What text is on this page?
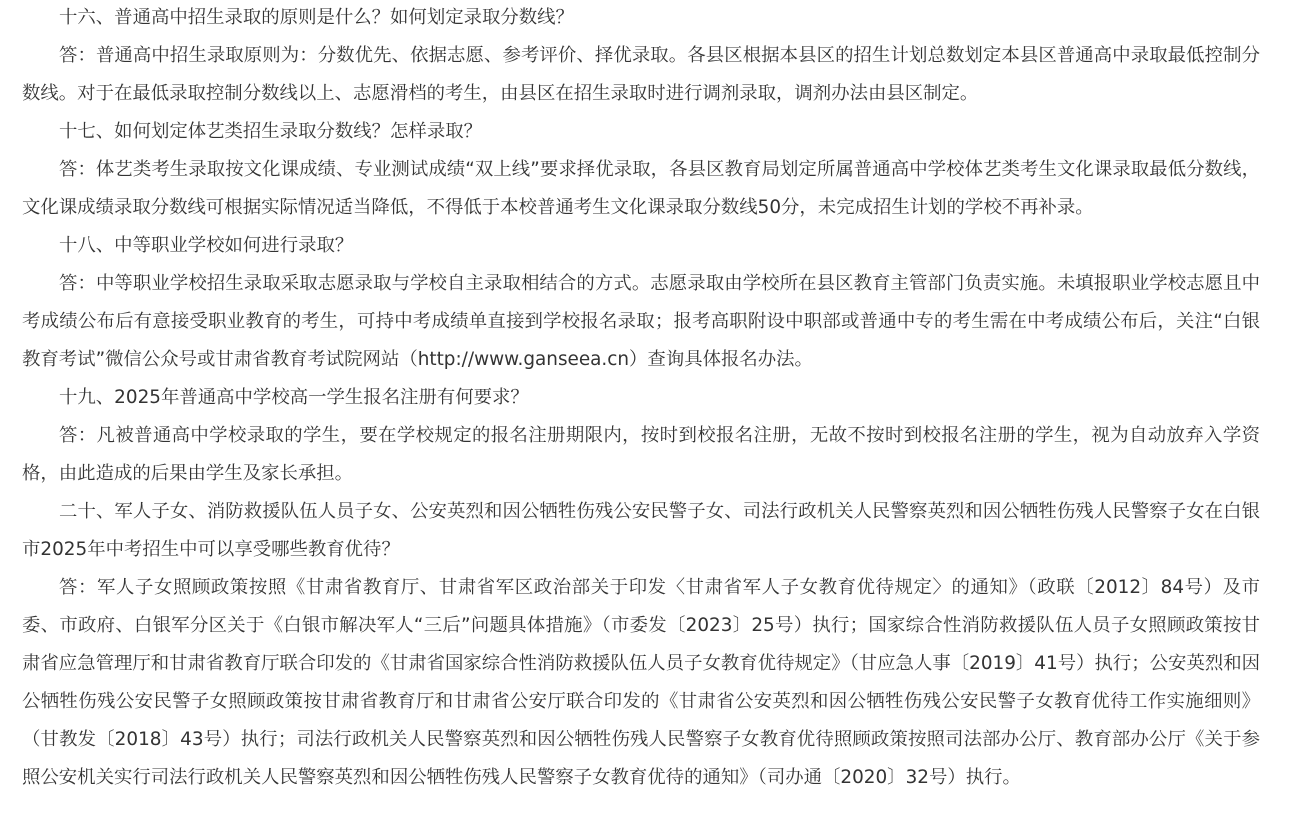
十六、普通高中招生录取的原则是什么？如何划定录取分数线？

答：普通高中招生录取原则为：分数优先、依据志愿、参考评价、择优录取。各县区根据本县区的招生计划总数划定本县区普通高中录取最低控制分数线。对于在最低录取控制分数线以上、志愿滑档的考生，由县区在招生录取时进行调剂录取，调剂办法由县区制定。

十七、如何划定体艺类招生录取分数线？怎样录取？

答：体艺类考生录取按文化课成绩、专业测试成绩“双上线”要求择优录取，各县区教育局划定所属普通高中学校体艺类考生文化课录取最低分数线，文化课成绩录取分数线可根据实际情况适当降低，不得低于本校普通考生文化课录取分数线50分，未完成招生计划的学校不再补录。

十八、中等职业学校如何进行录取？

答：中等职业学校招生录取采取志愿录取与学校自主录取相结合的方式。志愿录取由学校所在县区教育主管部门负责实施。未填报职业学校志愿且中考成绩公布后有意接受职业教育的考生，可持中考成绩单直接到学校报名录取；报考高职附设中职部或普通中专的考生需在中考成绩公布后，关注“白银教育考试”微信公众号或甘肃省教育考试院网站（http://www.ganseea.cn）查询具体报名办法。

十九、2025年普通高中学校高一学生报名注册有何要求？

答：凡被普通高中学校录取的学生，要在学校规定的报名注册期限内，按时到校报名注册，无故不按时到校报名注册的学生，视为自动放弃入学资格，由此造成的后果由学生及家长承担。

二十、军人子女、消防救援队伍人员子女、公安英烈和因公牺牲伤残公安民警子女、司法行政机关人民警察英烈和因公牺牲伤残人民警察子女在白银市2025年中考招生中可以享受哪些教育优待？

答：军人子女照顾政策按照《甘肃省教育厅、甘肃省军区政治部关于印发〈甘肃省军人子女教育优待规定〉的通知》（政联〔2012〕84号）及市委、市政府、白银军分区关于《白银市解决军人“三后”问题具体措施》（市委发〔2023〕25号）执行；国家综合性消防救援队伍人员子女照顾政策按甘肃省应急管理厅和甘肃省教育厅联合印发的《甘肃省国家综合性消防救援队伍人员子女教育优待规定》（甘应急人事〔2019〕41号）执行；公安英烈和因公牺牲伤残公安民警子女照顾政策按甘肃省教育厅和甘肃省公安厅联合印发的《甘肃省公安英烈和因公牺牲伤残公安民警子女教育优待工作实施细则》（甘教发〔2018〕43号）执行；司法行政机关人民警察英烈和因公牺牲伤残人民警察子女教育优待照顾政策按照司法部办公厅、教育部办公厅《关于参照公安机关实行司法行政机关人民警察英烈和因公牺牲伤残人民警察子女教育优待的通知》（司办通〔2020〕32号）执行。
